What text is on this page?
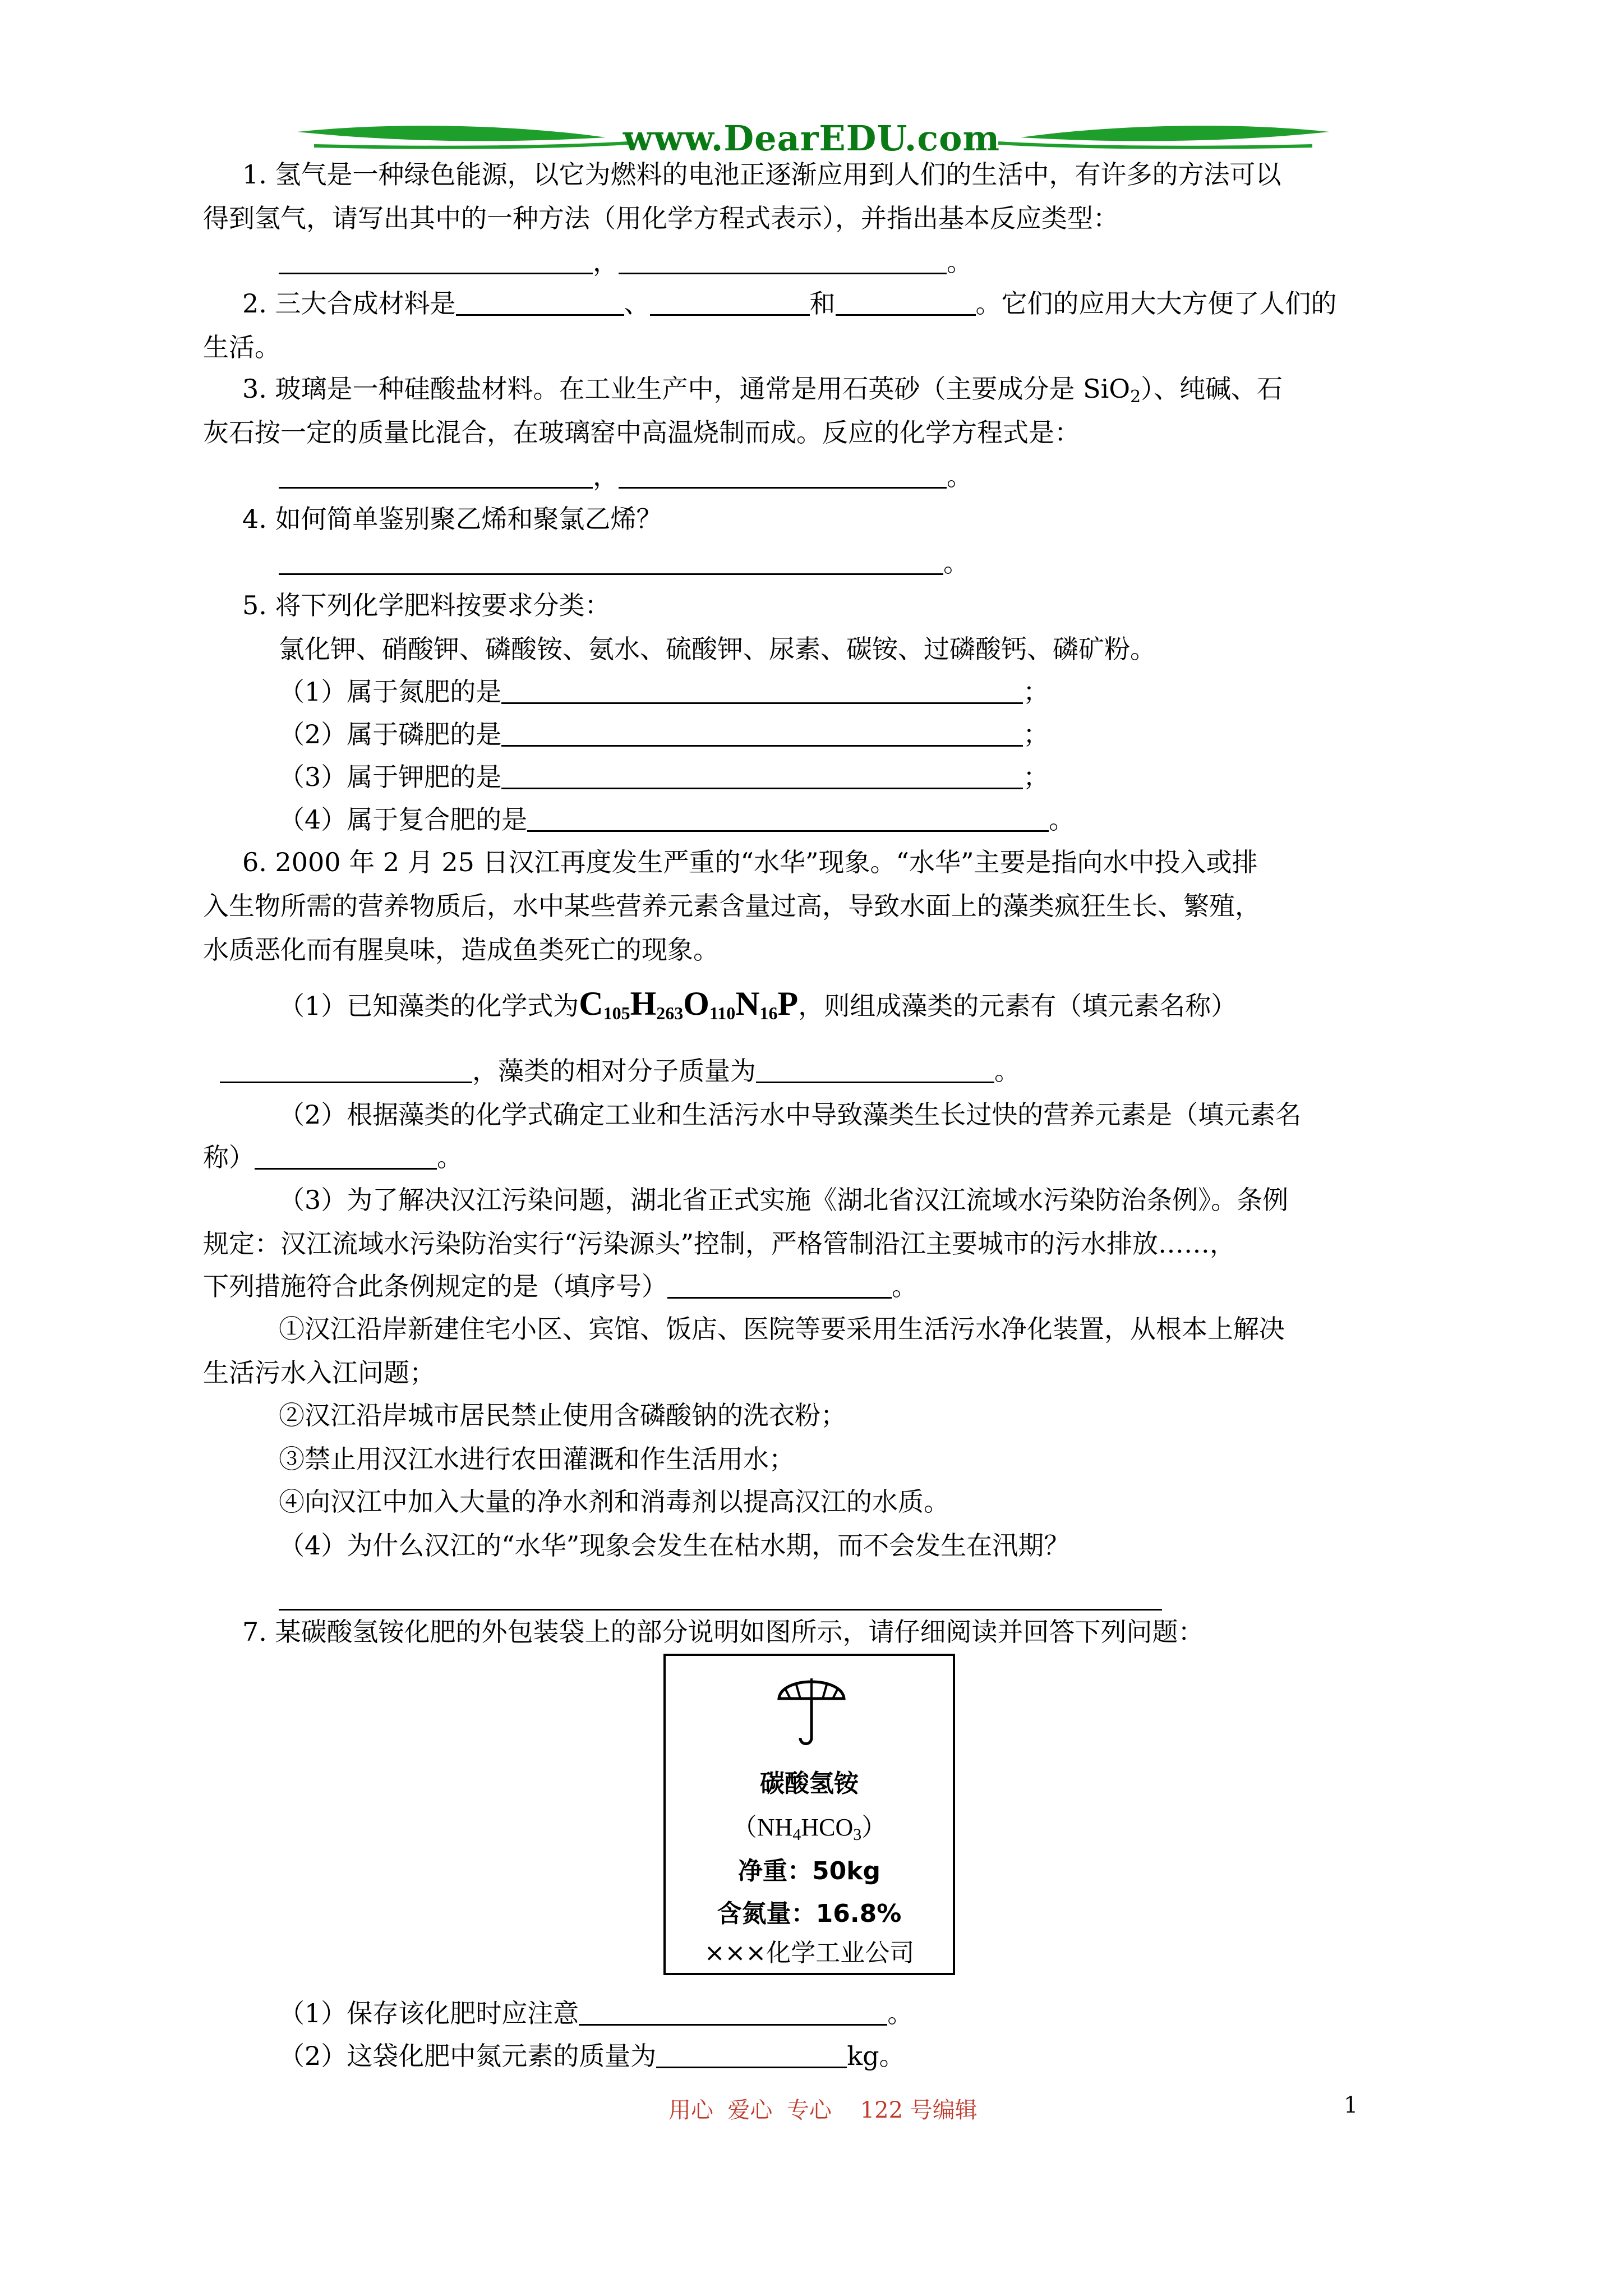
www.DearEDU.com

1. 氢气是一种绿色能源，以它为燃料的电池正逐渐应用到人们的生活中，有许多的方法可以

得到氢气，请写出其中的一种方法（用化学方程式表示），并指出基本反应类型：

，	。

2. 三大合成材料是	、	和	。它们的应用大大方便了人们的

生活。

3. 玻璃是一种硅酸盐材料。在工业生产中，通常是用石英砂（主要成分是 SiO$_2$）、纯碱、石

灰石按一定的质量比混合，在玻璃窑中高温烧制而成。反应的化学方程式是：

，	。

4. 如何简单鉴别聚乙烯和聚氯乙烯？

。

5. 将下列化学肥料按要求分类：

氯化钾、硝酸钾、磷酸铵、氨水、硫酸钾、尿素、碳铵、过磷酸钙、磷矿粉。

（1）属于氮肥的是	；

（2）属于磷肥的是	；

（3）属于钾肥的是	；

（4）属于复合肥的是	。

6. 2000 年 2 月 25 日汉江再度发生严重的“水华”现象。“水华”主要是指向水中投入或排

入生物所需的营养物质后，水中某些营养元素含量过高，导致水面上的藻类疯狂生长、繁殖，

水质恶化而有腥臭味，造成鱼类死亡的现象。

（1）已知藻类的化学式为$C_{105}H_{263}O_{110}N_{16}P$，则组成藻类的元素有（填元素名称）

，藻类的相对分子质量为	。

（2）根据藻类的化学式确定工业和生活污水中导致藻类生长过快的营养元素是（填元素名

称）	。

（3）为了解决汉江污染问题，湖北省正式实施《湖北省汉江流域水污染防治条例》。条例

规定：汉江流域水污染防治实行“污染源头”控制，严格管制沿江主要城市的污水排放……，

下列措施符合此条例规定的是（填序号）	。

①汉江沿岸新建住宅小区、宾馆、饭店、医院等要采用生活污水净化装置，从根本上解决

生活污水入江问题；

②汉江沿岸城市居民禁止使用含磷酸钠的洗衣粉；

③禁止用汉江水进行农田灌溉和作生活用水；

④向汉江中加入大量的净水剂和消毒剂以提高汉江的水质。

（4）为什么汉江的“水华”现象会发生在枯水期，而不会发生在汛期？

7. 某碳酸氢铵化肥的外包装袋上的部分说明如图所示，请仔细阅读并回答下列问题：

碳酸氢铵
$(NH_4HCO_3)$
净重：50kg
含氮量：16.8%
×××化学工业公司

（1）保存该化肥时应注意	。

（2）这袋化肥中氮元素的质量为	kg。

用心  爱心  专心    122 号编辑	1
